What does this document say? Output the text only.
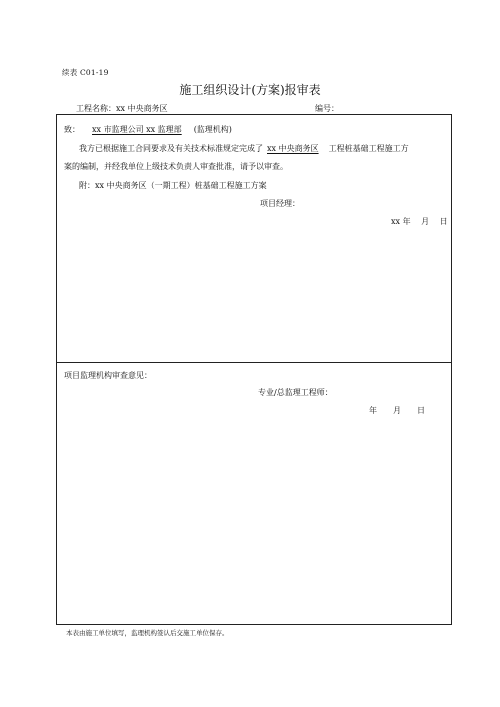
续表 C01-19
施工组织设计(方案)报审表
工程名称：xx 中央商务区	编号：
致： xx 市监理公司 xx 监理部 (监理机构)
我方已根据施工合同要求及有关技术标准规定完成了 xx 中央商务区 工程桩基础工程施工方
案的编制，并经我单位上级技术负责人审查批准，请予以审查。
附：xx 中央商务区（一期工程）桩基础工程施工方案
项目经理：
xx 年　 月　 日
项目监理机构审查意见：
专业/总监理工程师：
年　　月　　日
本表由施工单位填写，监理机构签认后交施工单位保存。
